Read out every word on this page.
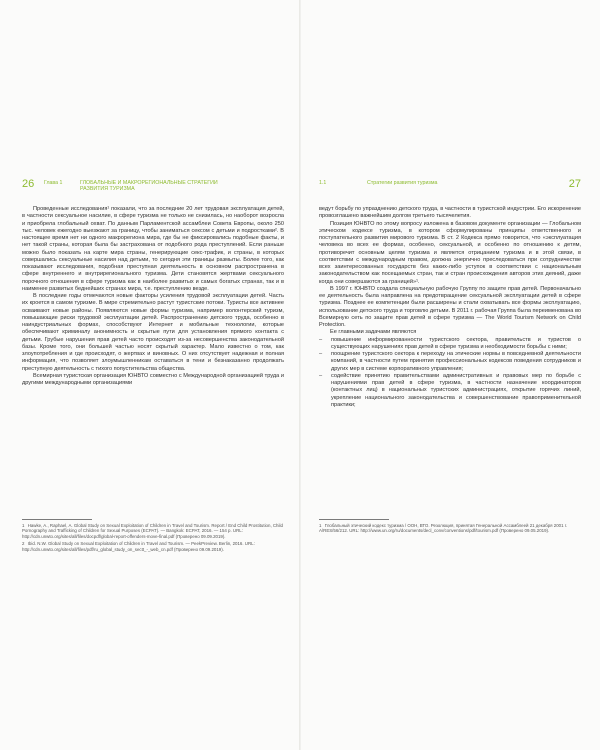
26 Глава 1	ГЛОБАЛЬНЫЕ И МАКРОРЕГИОНАЛЬНЫЕ СТРАТЕГИИ РАЗВИТИЯ ТУРИЗМА

Проведенные исследования¹ показали, что за последние 20 лет трудовая эксплуатация детей, в частности сексуальное насилие, в сфере туризма не только не снизилась, но наоборот возросла и приобрела глобальный охват. По данным Парламентской ассамблеи Совета Европы, около 250 тыс. человек ежегодно выезжают за границу, чтобы заниматься сексом с детьми и подростками². В настоящее время нет ни одного макрорегиона мира, где бы не фиксировались подобные факты, и нет такой страны, которая была бы застрахована от подобного рода преступлений. Если раньше можно было показать на карте мира страны, генерирующие секс-трафик, и страны, в которых совершались сексуальные насилия над детьми, то сегодня эти границы размыты. Более того, как показывают исследования, подобная преступная деятельность в основном распространена в сфере внутреннего и внутрирегионального туризма. Дети становятся жертвами сексуального порочного отношения в сфере туризма как в наиболее развитых и самых богатых странах, так и в наименее развитых беднейших странах мира, т.е. преступлению везде.

В последние годы отмечаются новые факторы усиления трудовой эксплуатации детей. Часть их кроется в самом туризме. В мире стремительно растут туристские потоки. Туристы все активнее осваивают новые районы. Появляются новые формы туризма, например волонтерский туризм, повышающие риски трудовой эксплуатации детей. Распространению детского труда, особенно в наиндустриальных формах, способствуют Интернет и мобильные технологии, которые обеспечивают криминалу анонимность и скрытые пути для установления прямого контакта с детьми. Грубые нарушения прав детей часто происходят из-за несовершенства законодательной базы. Кроме того, они большей частью носят скрытый характер. Мало известно о том, как злоупотребления и где происходят, о жертвах и виновных. О них отсутствует надежная и полная информация, что позволяет злоумышленникам оставаться в тени и безнаказанно продолжать преступную деятельность с тихого попустительства общества.

Всемирная туристская организация ЮНВТО совместно с Международной организацией труда и другими международными организациями

1 Hawke, A., Raphael, A. Global Study on Sexual Exploitation of Children in Travel and Tourism. Report / End Child Prostitution, Child Pornography and Trafficking of Children for Sexual Purposes (ECPAT). — Bangkok: ECPAT, 2016. — 154 p. URL: http://cdn.unwto.org/sites/all/files/docpdf/global-report-offenders-move-final.pdf (Проверено 09.09.2019).
2 Ibid. N.W. Global Study on Sexual Exploitation of Children in Travel and Tourism. — PeekPreview. Berlin, 2016. URL: http://cdn.unwto.org/sites/all/files/pdf/ru_global_study_on_sectt_-_web_cn.pdf (Проверено 09.09.2019).
1.1	Стратегии развития туризма	27

ведут борьбу по упразднению детского труда, в частности в туристской индустрии. Его искоренение провозглашено важнейшим долгом третьего тысячелетия.

Позиция ЮНВТО по этому вопросу изложена в базовом документе организации — Глобальном этическом кодексе туризма, в котором сформулированы принципы ответственного и поступательного развития мирового туризма. В ст. 2 Кодекса прямо говорится, что «эксплуатация человека во всех ее формах, особенно, сексуальной, и особенно по отношению к детям, противоречит основным целям туризма и является отрицанием туризма и в этой связи, в соответствии с международным правом, должна энергично преследоваться при сотрудничестве всех заинтересованных государств без каких-либо уступок в соответствии с национальным законодательством как посещаемых стран, так и стран происхождения авторов этих деяний, даже когда они совершаются за границей»¹.

В 1997 г. ЮНВТО создала специальную рабочую Группу по защите прав детей. Первоначально ее деятельность была направлена на предотвращение сексуальной эксплуатации детей в сфере туризма. Позднее ее компетенции были расширены и стали охватывать все формы эксплуатацию, использование детского труда и торговлю детьми. В 2011 г. рабочая Группа была переименована во Всемирную сеть по защите прав детей в сфере туризма — The World Tourism Network on Child Protection.

Ее главными задачами являются

– повышение информированности туристского сектора, правительств и туристов о существующих нарушениях прав детей в сфере туризма и необходимости борьбы с ними;
– поощрение туристского сектора к переходу на этические нормы в повседневной деятельности компаний, в частности путем принятия профессиональных кодексов поведения сотрудников и других мер в системе корпоративного управления;
– содействие принятию правительствами административных и правовых мер по борьбе с нарушениями прав детей в сфере туризма, в частности назначение координаторов (контактных лиц) в национальных туристских администрациях, открытие горячих линий, укрепление национального законодательства и совершенствование правоприменительной практики;
1 Глобальный этический кодекс туризма / ООН, ВТО. Резолюция, принятая Генеральной Ассамблеей 21 декабря 2001 г. A/RES/56/212. URL: http://www.un.org/ru/documents/decl_conv/conventions/pdf/tourism.pdf (Проверено 09.05.2019).
